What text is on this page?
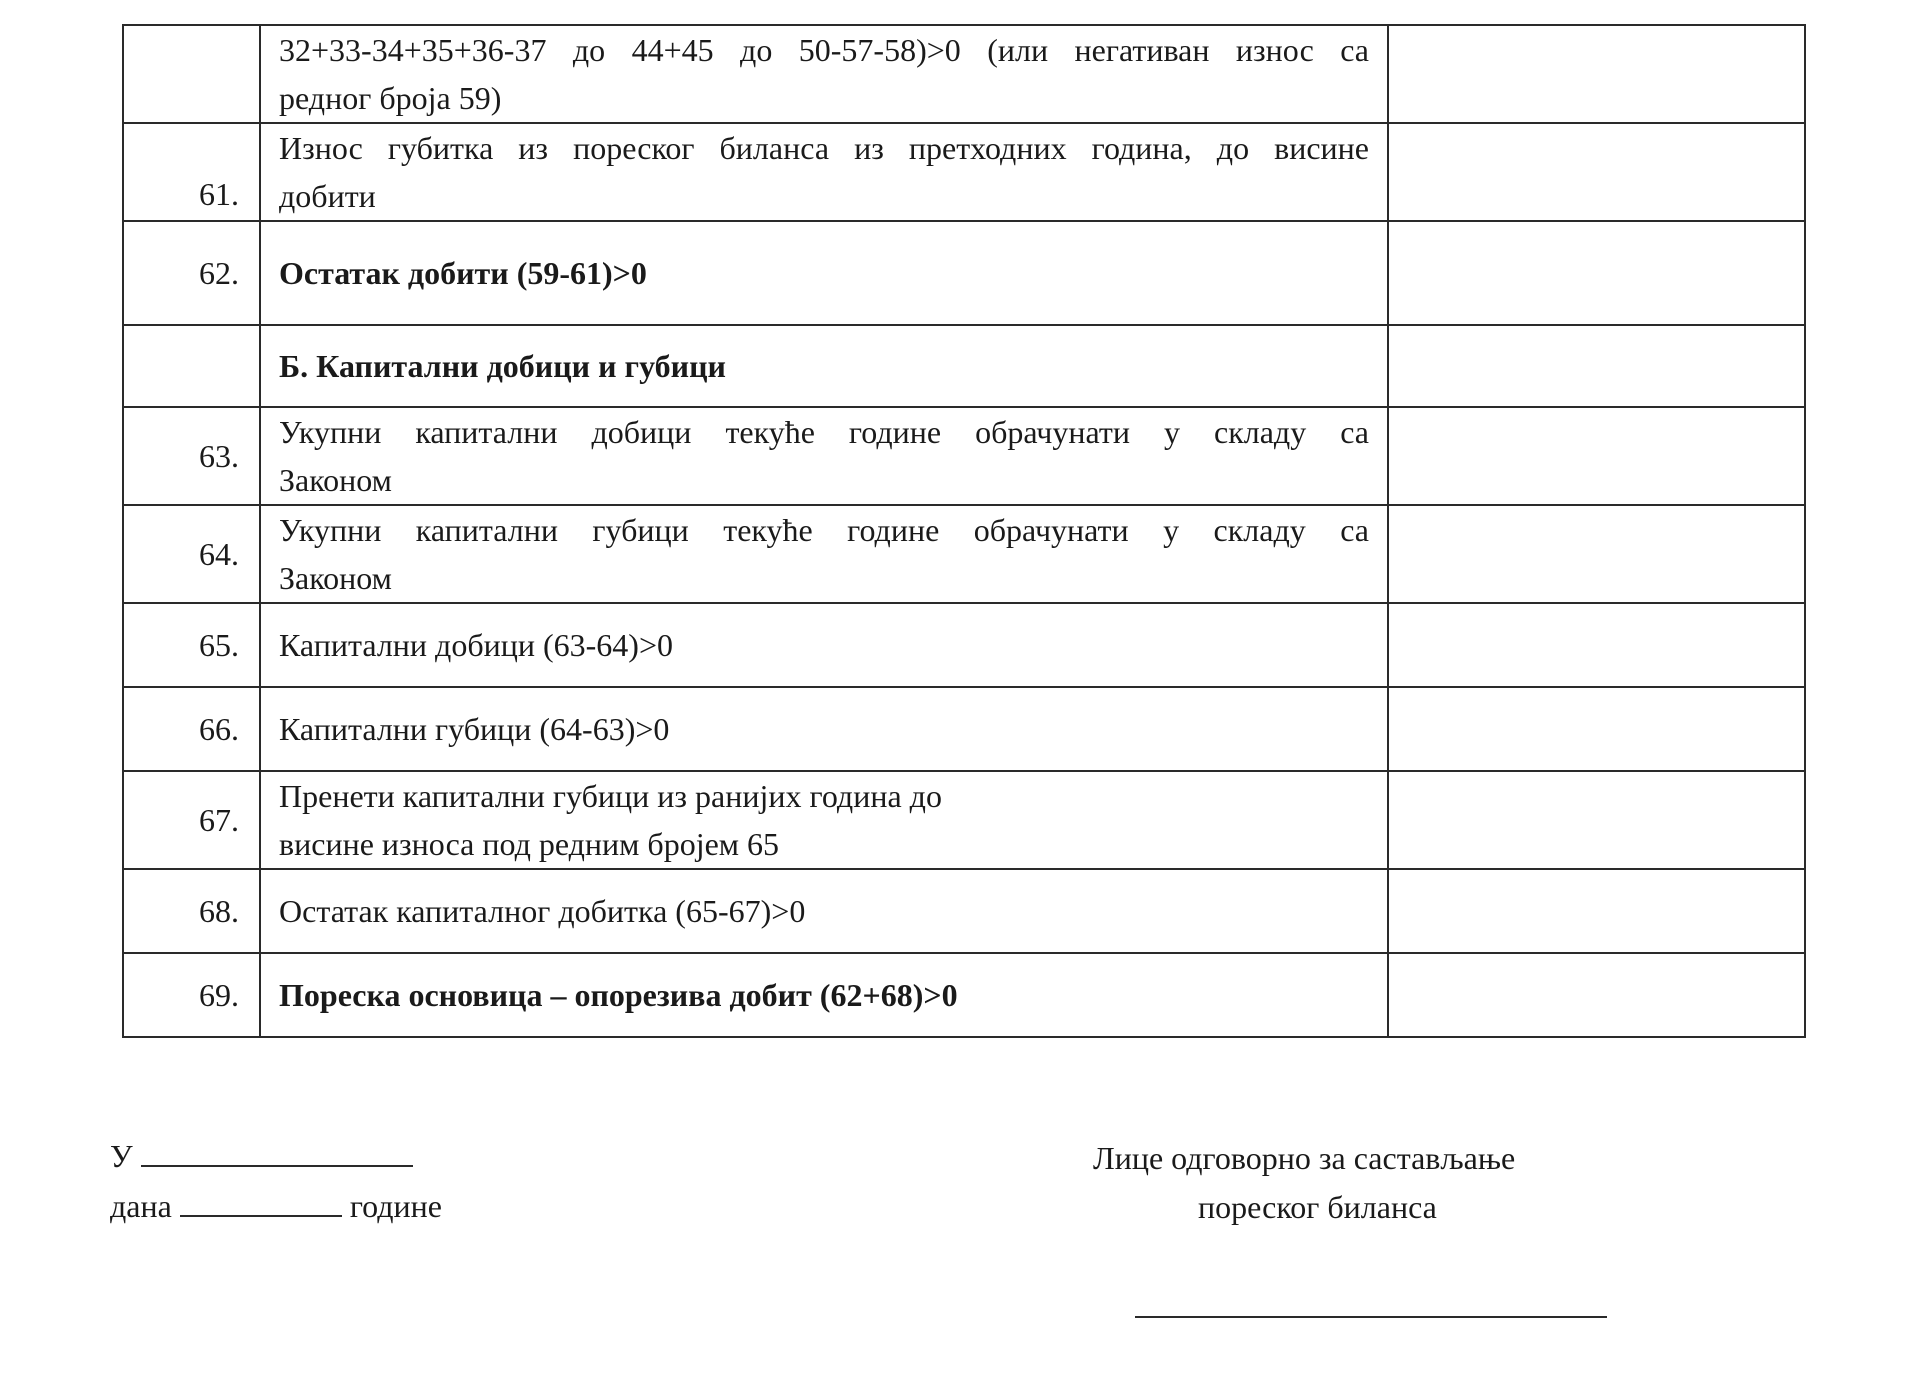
	32+33-34+35+36-37 до 44+45 до 50-57-58)>0 (или негативан износ са
редног броја 59)	

61.	Износ губитка из пореског биланса из претходних година, до висине
добити	

62.	Остатак добити (59-61)>0	

	Б. Капитални добици и губици	

63.	Укупни капитални добици текуће године обрачунати у складу са
Законом	

64.	Укупни капитални губици текуће године обрачунати у складу са
Законом	

65.	Капитални добици (63-64)>0	

66.	Капитални губици (64-63)>0	

67.	Пренети капитални губици из ранијих година до
висине износа под редним бројем 65	

68.	Остатак капиталног добитка (65-67)>0	

69.	Пореска основица – опорезива добит (62+68)>0	

У
дана	године
Лице одговорно за састављање
пореског биланса
